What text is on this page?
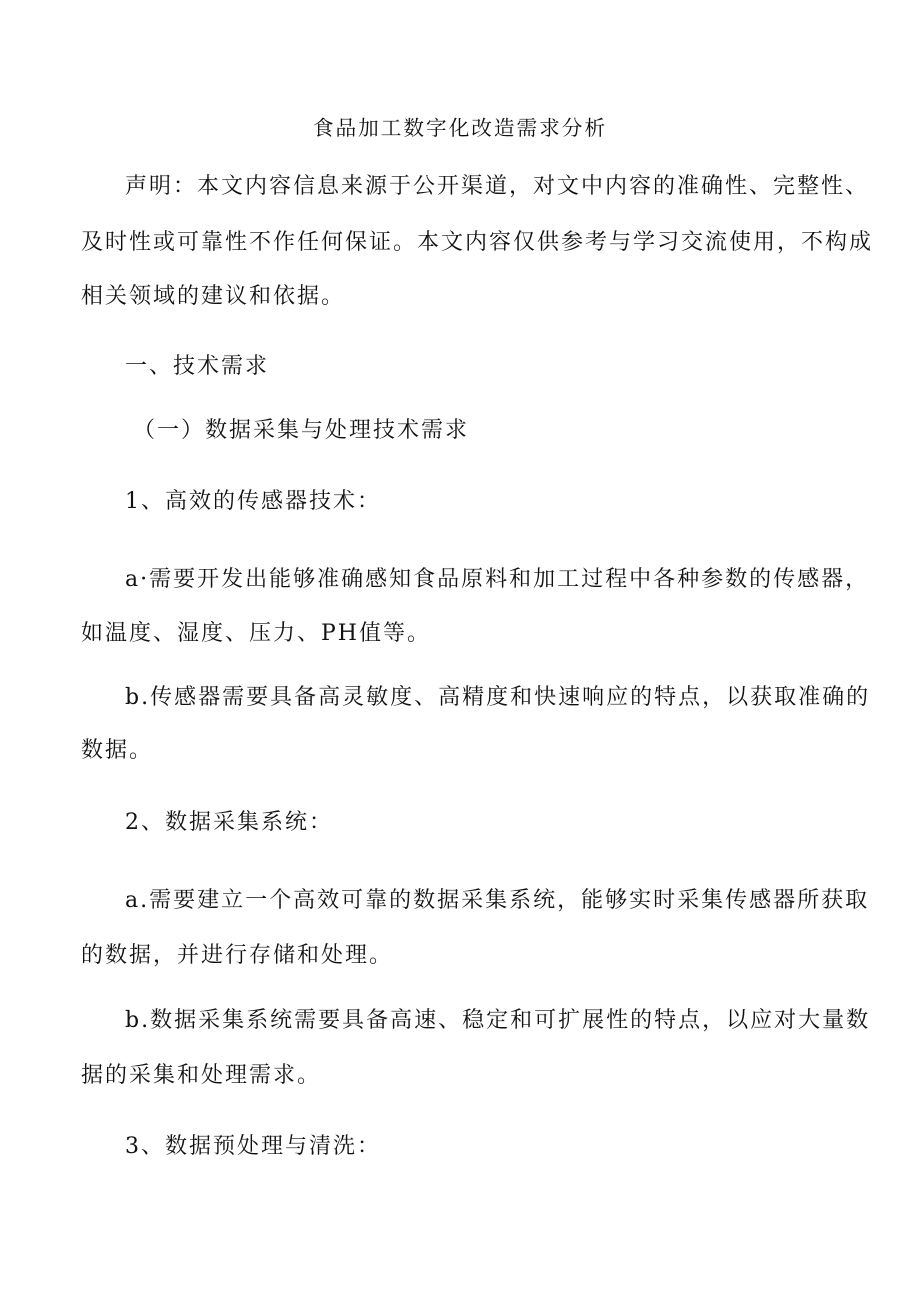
食品加工数字化改造需求分析
声明：本文内容信息来源于公开渠道，对文中内容的准确性、完整性、
及时性或可靠性不作任何保证。本文内容仅供参考与学习交流使用，不构成
相关领域的建议和依据。
一、技术需求
（一）数据采集与处理技术需求
1、高效的传感器技术：
a·需要开发出能够准确感知食品原料和加工过程中各种参数的传感器，
如温度、湿度、压力、PH值等。
b.传感器需要具备高灵敏度、高精度和快速响应的特点，以获取准确的
数据。
2、数据采集系统：
a.需要建立一个高效可靠的数据采集系统，能够实时采集传感器所获取
的数据，并进行存储和处理。
b.数据采集系统需要具备高速、稳定和可扩展性的特点，以应对大量数
据的采集和处理需求。
3、数据预处理与清洗：
